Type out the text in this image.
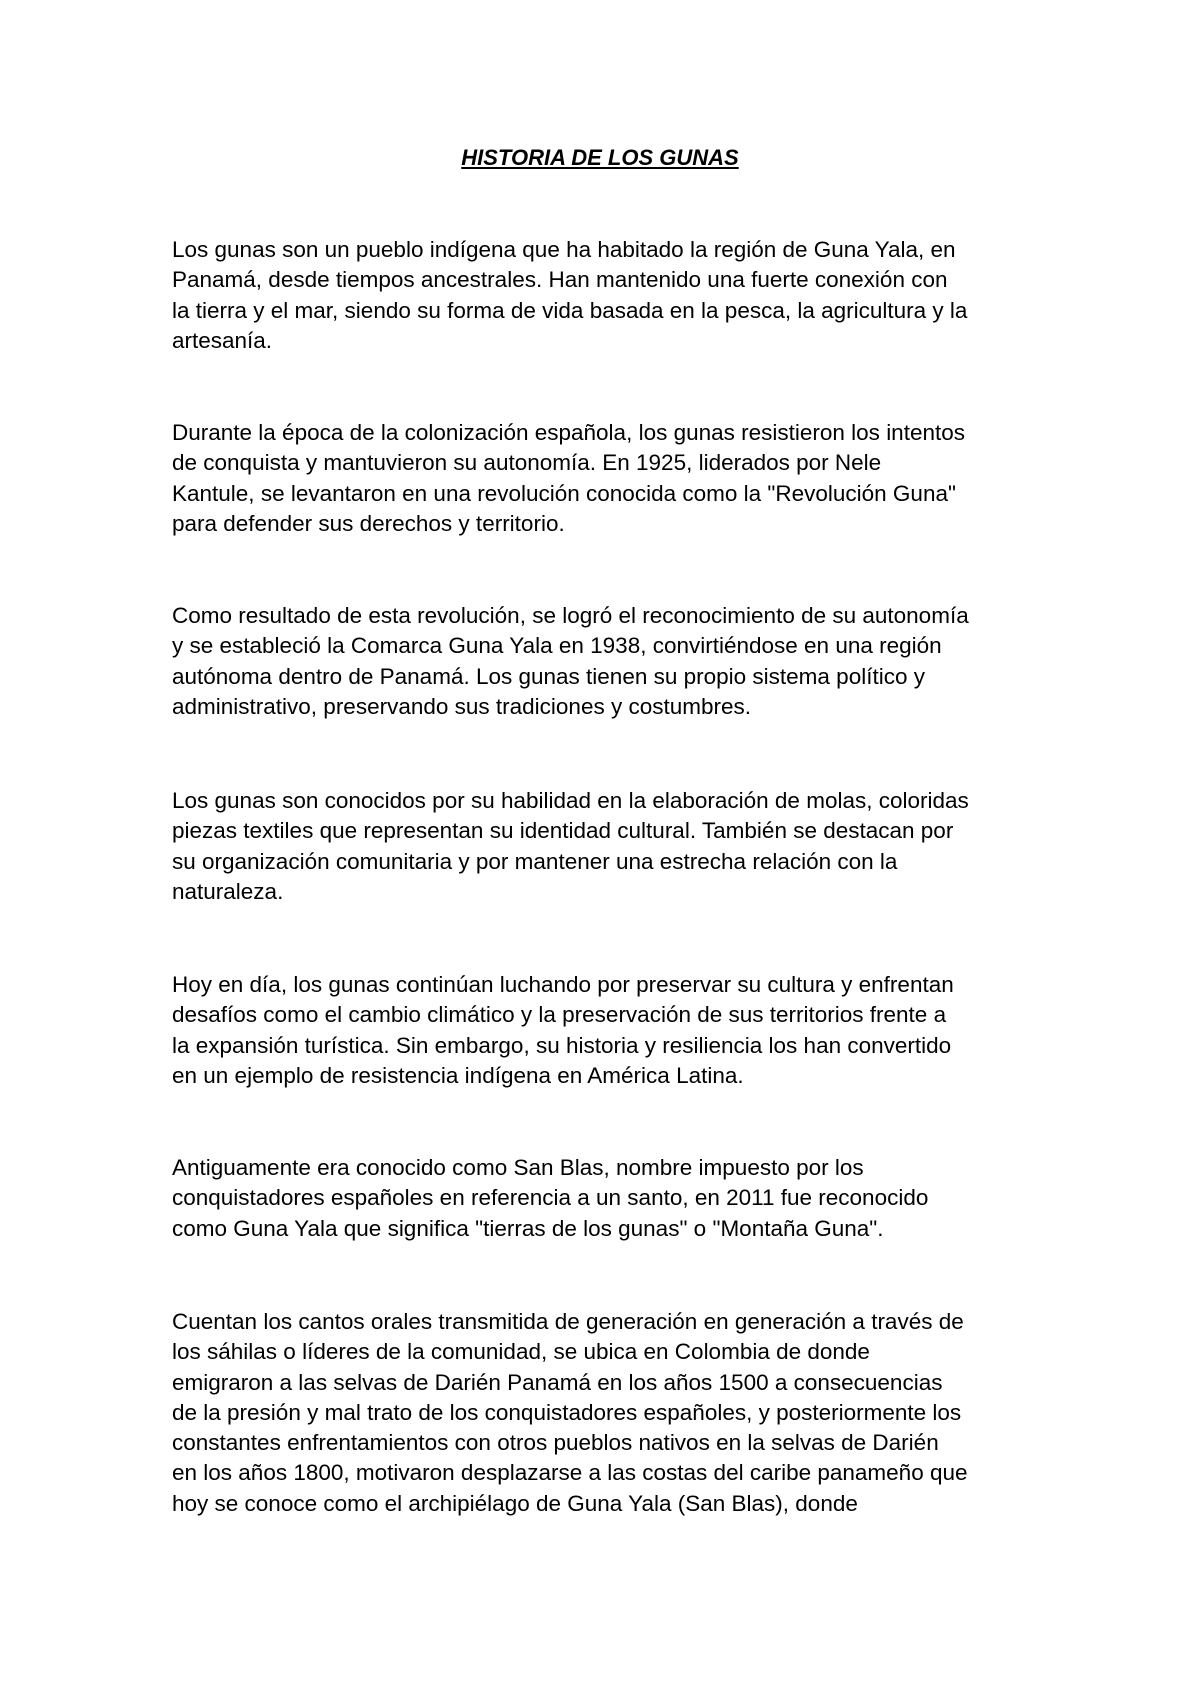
HISTORIA DE LOS GUNAS

Los gunas son un pueblo indígena que ha habitado la región de Guna Yala, en
Panamá, desde tiempos ancestrales. Han mantenido una fuerte conexión con
la tierra y el mar, siendo su forma de vida basada en la pesca, la agricultura y la
artesanía.

Durante la época de la colonización española, los gunas resistieron los intentos
de conquista y mantuvieron su autonomía. En 1925, liderados por Nele
Kantule, se levantaron en una revolución conocida como la "Revolución Guna"
para defender sus derechos y territorio.

Como resultado de esta revolución, se logró el reconocimiento de su autonomía
y se estableció la Comarca Guna Yala en 1938, convirtiéndose en una región
autónoma dentro de Panamá. Los gunas tienen su propio sistema político y
administrativo, preservando sus tradiciones y costumbres.

Los gunas son conocidos por su habilidad en la elaboración de molas, coloridas
piezas textiles que representan su identidad cultural. También se destacan por
su organización comunitaria y por mantener una estrecha relación con la
naturaleza.

Hoy en día, los gunas continúan luchando por preservar su cultura y enfrentan
desafíos como el cambio climático y la preservación de sus territorios frente a
la expansión turística. Sin embargo, su historia y resiliencia los han convertido
en un ejemplo de resistencia indígena en América Latina.

Antiguamente era conocido como San Blas, nombre impuesto por los
conquistadores españoles en referencia a un santo, en 2011 fue reconocido
como Guna Yala que significa "tierras de los gunas" o "Montaña Guna".

Cuentan los cantos orales transmitida de generación en generación a través de
los sáhilas o líderes de la comunidad, se ubica en Colombia de donde
emigraron a las selvas de Darién Panamá en los años 1500 a consecuencias
de la presión y mal trato de los conquistadores españoles, y posteriormente los
constantes enfrentamientos con otros pueblos nativos en la selvas de Darién
en los años 1800, motivaron desplazarse a las costas del caribe panameño que
hoy se conoce como el archipiélago de Guna Yala (San Blas), donde
